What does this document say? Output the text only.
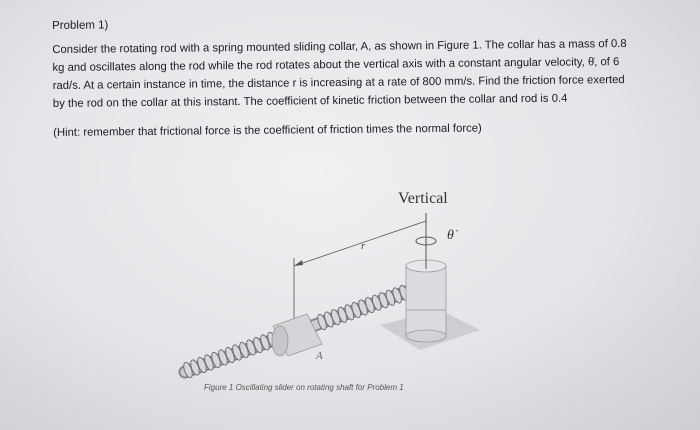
Problem 1)

Consider the rotating rod with a spring mounted sliding collar, A, as shown in Figure 1. The collar has a mass of 0.8 kg and oscillates along the rod while the rod rotates about the vertical axis with a constant angular velocity, θ̇, of 6 rad/s. At a certain instance in time, the distance r is increasing at a rate of 800 mm/s. Find the friction force exerted by the rod on the collar at this instant. The coefficient of kinetic friction between the collar and rod is 0.4

(Hint: remember that frictional force is the coefficient of friction times the normal force)
Vertical
θ̇
r
A
Figure 1 Oscillating slider on rotating shaft for Problem 1
